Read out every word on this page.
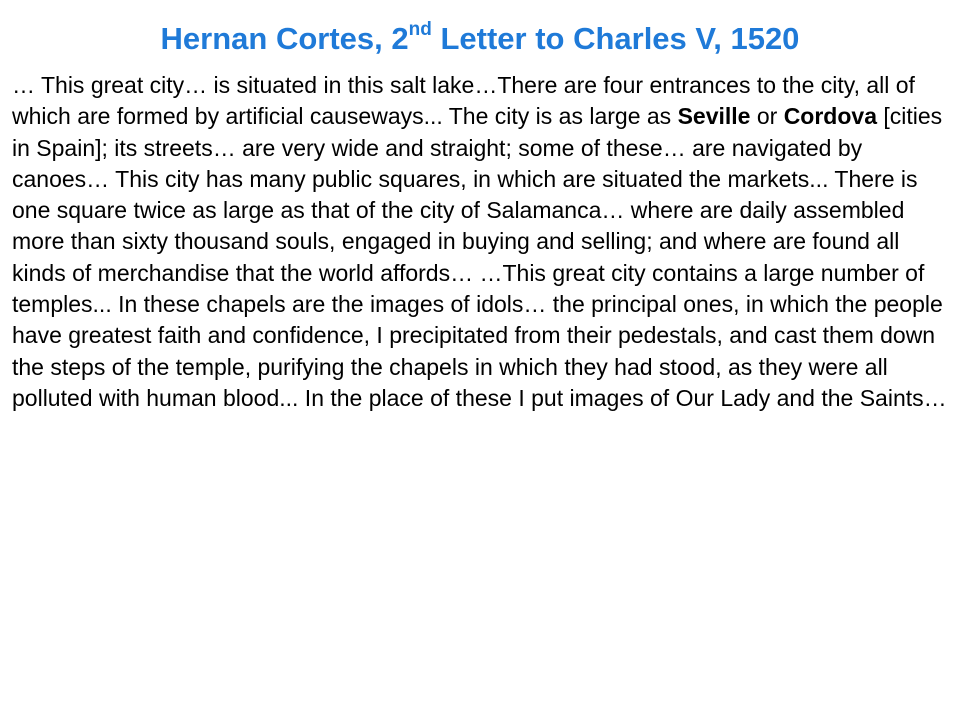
Hernan Cortes, 2nd Letter to Charles V, 1520
… This great city… is situated in this salt lake…There are four entrances to the city, all of which are formed by artificial causeways... The city is as large as Seville or Cordova [cities in Spain]; its streets… are very wide and straight; some of these… are navigated by canoes… This city has many public squares, in which are situated the markets... There is one square twice as large as that of the city of Salamanca… where are daily assembled more than sixty thousand souls, engaged in buying and selling; and where are found all kinds of merchandise that the world affords… …This great city contains a large number of temples... In these chapels are the images of idols… the principal ones, in which the people have greatest faith and confidence, I precipitated from their pedestals, and cast them down the steps of the temple, purifying the chapels in which they had stood, as they were all polluted with human blood... In the place of these I put images of Our Lady and the Saints…
